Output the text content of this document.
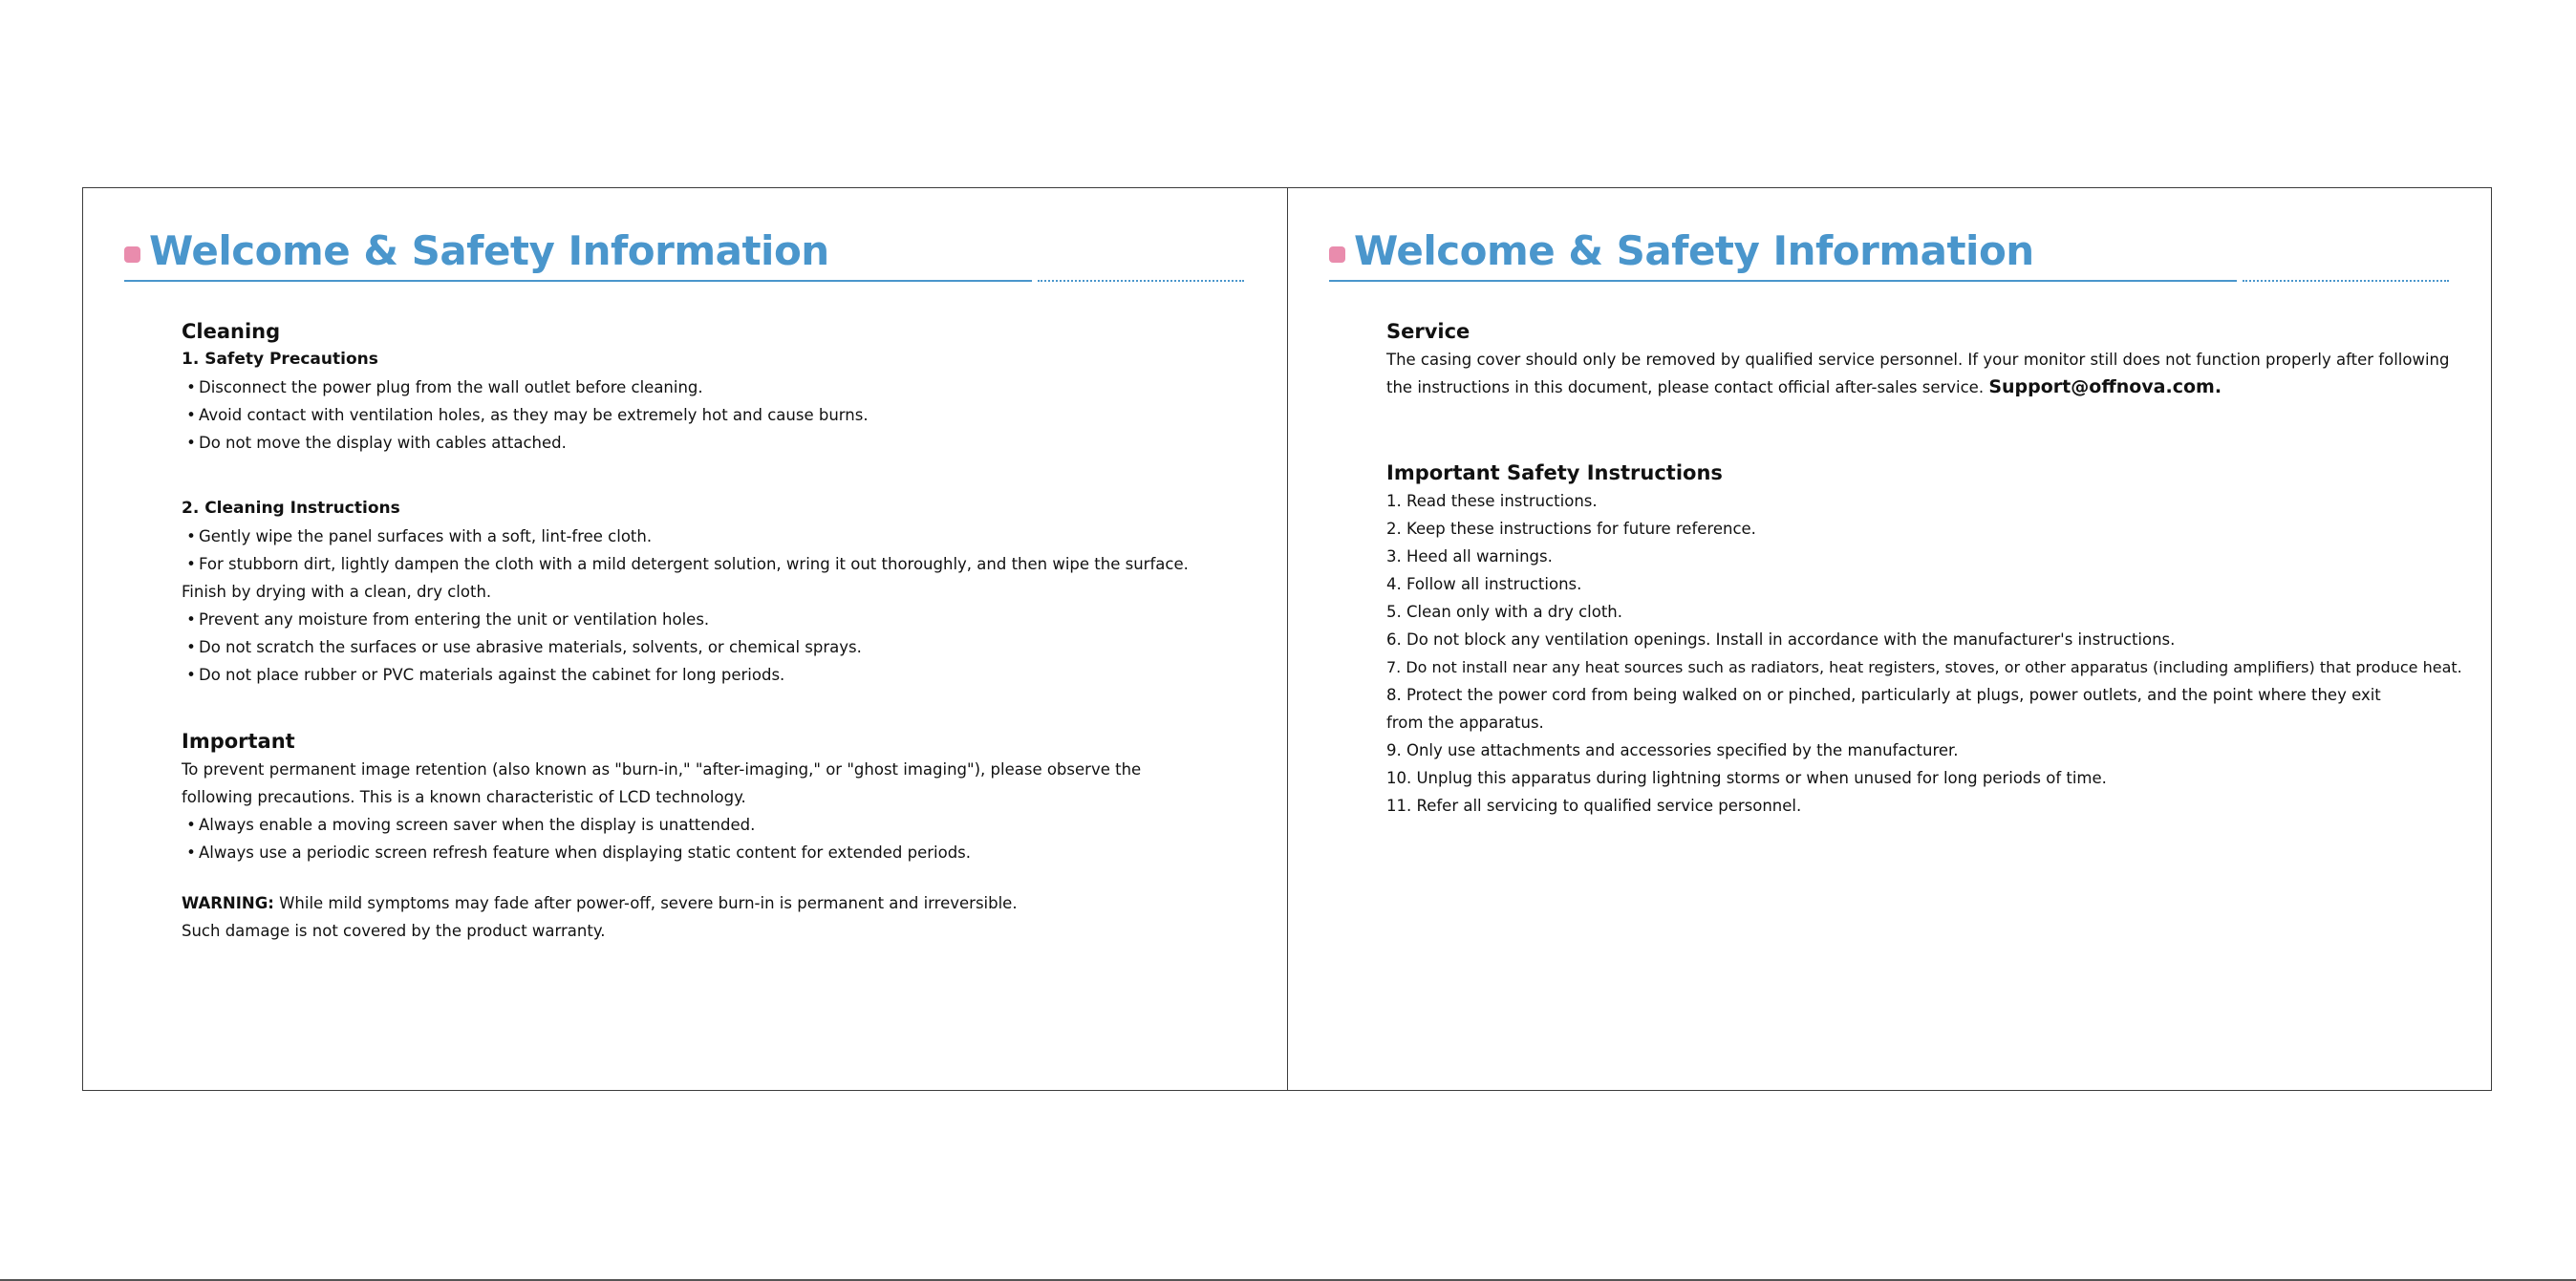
Welcome & Safety Information
Cleaning
1. Safety Precautions
• Disconnect the power plug from the wall outlet before cleaning.
• Avoid contact with ventilation holes, as they may be extremely hot and cause burns.
• Do not move the display with cables attached.
2. Cleaning Instructions
• Gently wipe the panel surfaces with a soft, lint-free cloth.
• For stubborn dirt, lightly dampen the cloth with a mild detergent solution, wring it out thoroughly, and then wipe the surface. Finish by drying with a clean, dry cloth.
• Prevent any moisture from entering the unit or ventilation holes.
• Do not scratch the surfaces or use abrasive materials, solvents, or chemical sprays.
• Do not place rubber or PVC materials against the cabinet for long periods.
Important
To prevent permanent image retention (also known as "burn-in," "after-imaging," or "ghost imaging"), please observe the following precautions. This is a known characteristic of LCD technology.
• Always enable a moving screen saver when the display is unattended.
• Always use a periodic screen refresh feature when displaying static content for extended periods.
WARNING: While mild symptoms may fade after power-off, severe burn-in is permanent and irreversible.
Such damage is not covered by the product warranty.
Welcome & Safety Information
Service
The casing cover should only be removed by qualified service personnel. If your monitor still does not function properly after following the instructions in this document, please contact official after-sales service. Support@offnova.com.
Important Safety Instructions
1. Read these instructions.
2. Keep these instructions for future reference.
3. Heed all warnings.
4. Follow all instructions.
5. Clean only with a dry cloth.
6. Do not block any ventilation openings. Install in accordance with the manufacturer's instructions.
7. Do not install near any heat sources such as radiators, heat registers, stoves, or other apparatus (including amplifiers) that produce heat.
8. Protect the power cord from being walked on or pinched, particularly at plugs, power outlets, and the point where they exit from the apparatus.
9. Only use attachments and accessories specified by the manufacturer.
10. Unplug this apparatus during lightning storms or when unused for long periods of time.
11. Refer all servicing to qualified service personnel.
